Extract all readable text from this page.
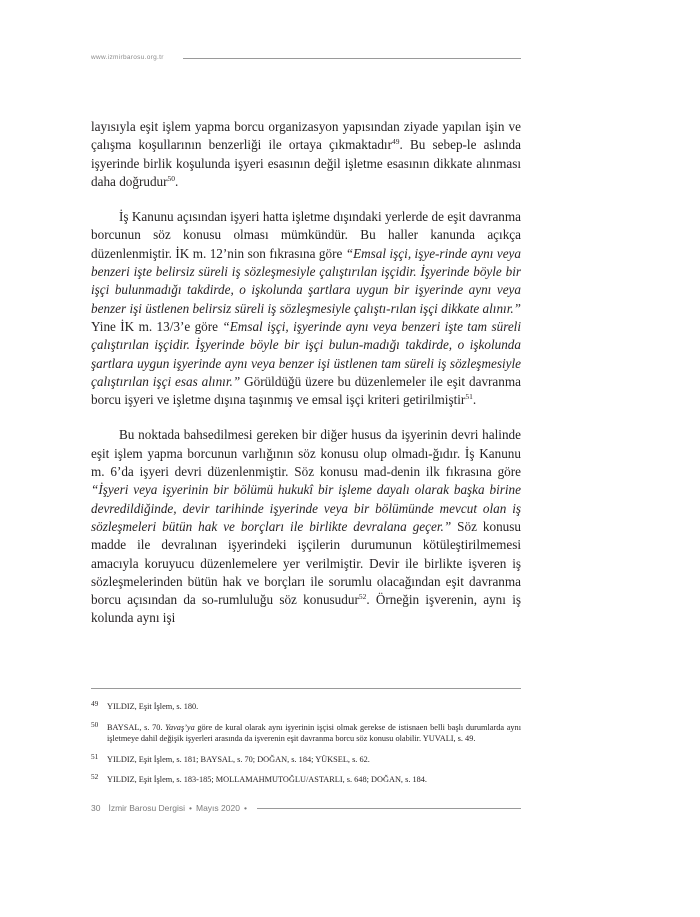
www.izmirbarosu.org.tr

layısıyla eşit işlem yapma borcu organizasyon yapısından ziyade yapılan işin ve çalışma koşullarının benzerliği ile ortaya çıkmaktadır$^{49}$. Bu sebep-le aslında işyerinde birlik koşulunda işyeri esasının değil işletme esasının dikkate alınması daha doğrudur$^{50}$.

İş Kanunu açısından işyeri hatta işletme dışındaki yerlerde de eşit davranma borcunun söz konusu olması mümkündür. Bu haller kanunda açıkça düzenlenmiştir. İK m. 12’nin son fıkrasına göre “Emsal işçi, işye-rinde aynı veya benzeri işte belirsiz süreli iş sözleşmesiyle çalıştırılan işçidir. İşyerinde böyle bir işçi bulunmadığı takdirde, o işkolunda şartlara uygun bir işyerinde aynı veya benzer işi üstlenen belirsiz süreli iş sözleşmesiyle çalıştı-rılan işçi dikkate alınır.” Yine İK m. 13/3’e göre “Emsal işçi, işyerinde aynı veya benzeri işte tam süreli çalıştırılan işçidir. İşyerinde böyle bir işçi bulun-madığı takdirde, o işkolunda şartlara uygun işyerinde aynı veya benzer işi üstlenen tam süreli iş sözleşmesiyle çalıştırılan işçi esas alınır.” Görüldüğü üzere bu düzenlemeler ile eşit davranma borcu işyeri ve işletme dışına taşınmış ve emsal işçi kriteri getirilmiştir$^{51}$.

Bu noktada bahsedilmesi gereken bir diğer husus da işyerinin devri halinde eşit işlem yapma borcunun varlığının söz konusu olup olmadı-ğıdır. İş Kanunu m. 6’da işyeri devri düzenlenmiştir. Söz konusu mad-denin ilk fıkrasına göre “İşyeri veya işyerinin bir bölümü hukukî bir işleme dayalı olarak başka birine devredildiğinde, devir tarihinde işyerinde veya bir bölümünde mevcut olan iş sözleşmeleri bütün hak ve borçları ile birlikte devralana geçer.” Söz konusu madde ile devralınan işyerindeki işçilerin durumunun kötüleştirilmemesi amacıyla koruyucu düzenlemelere yer verilmiştir. Devir ile birlikte işveren iş sözleşmelerinden bütün hak ve borçları ile sorumlu olacağından eşit davranma borcu açısından da so-rumluluğu söz konusudur$^{52}$. Örneğin işverenin, aynı iş kolunda aynı işi

49 YILDIZ, Eşit İşlem, s. 180.
50 BAYSAL, s. 70. Yavaş’ya göre de kural olarak aynı işyerinin işçisi olmak gerekse de istisnaen belli başlı durumlarda aynı işletmeye dahil değişik işyerleri arasında da işverenin eşit davranma borcu söz konusu olabilir. YUVALI, s. 49.
51 YILDIZ, Eşit İşlem, s. 181; BAYSAL, s. 70; DOĞAN, s. 184; YÜKSEL, s. 62.
52 YILDIZ, Eşit İşlem, s. 183-185; MOLLAMAHMUTOĞLU/ASTARLI, s. 648; DOĞAN, s. 184.
30 İzmir Barosu Dergisi • Mayıs 2020 •
